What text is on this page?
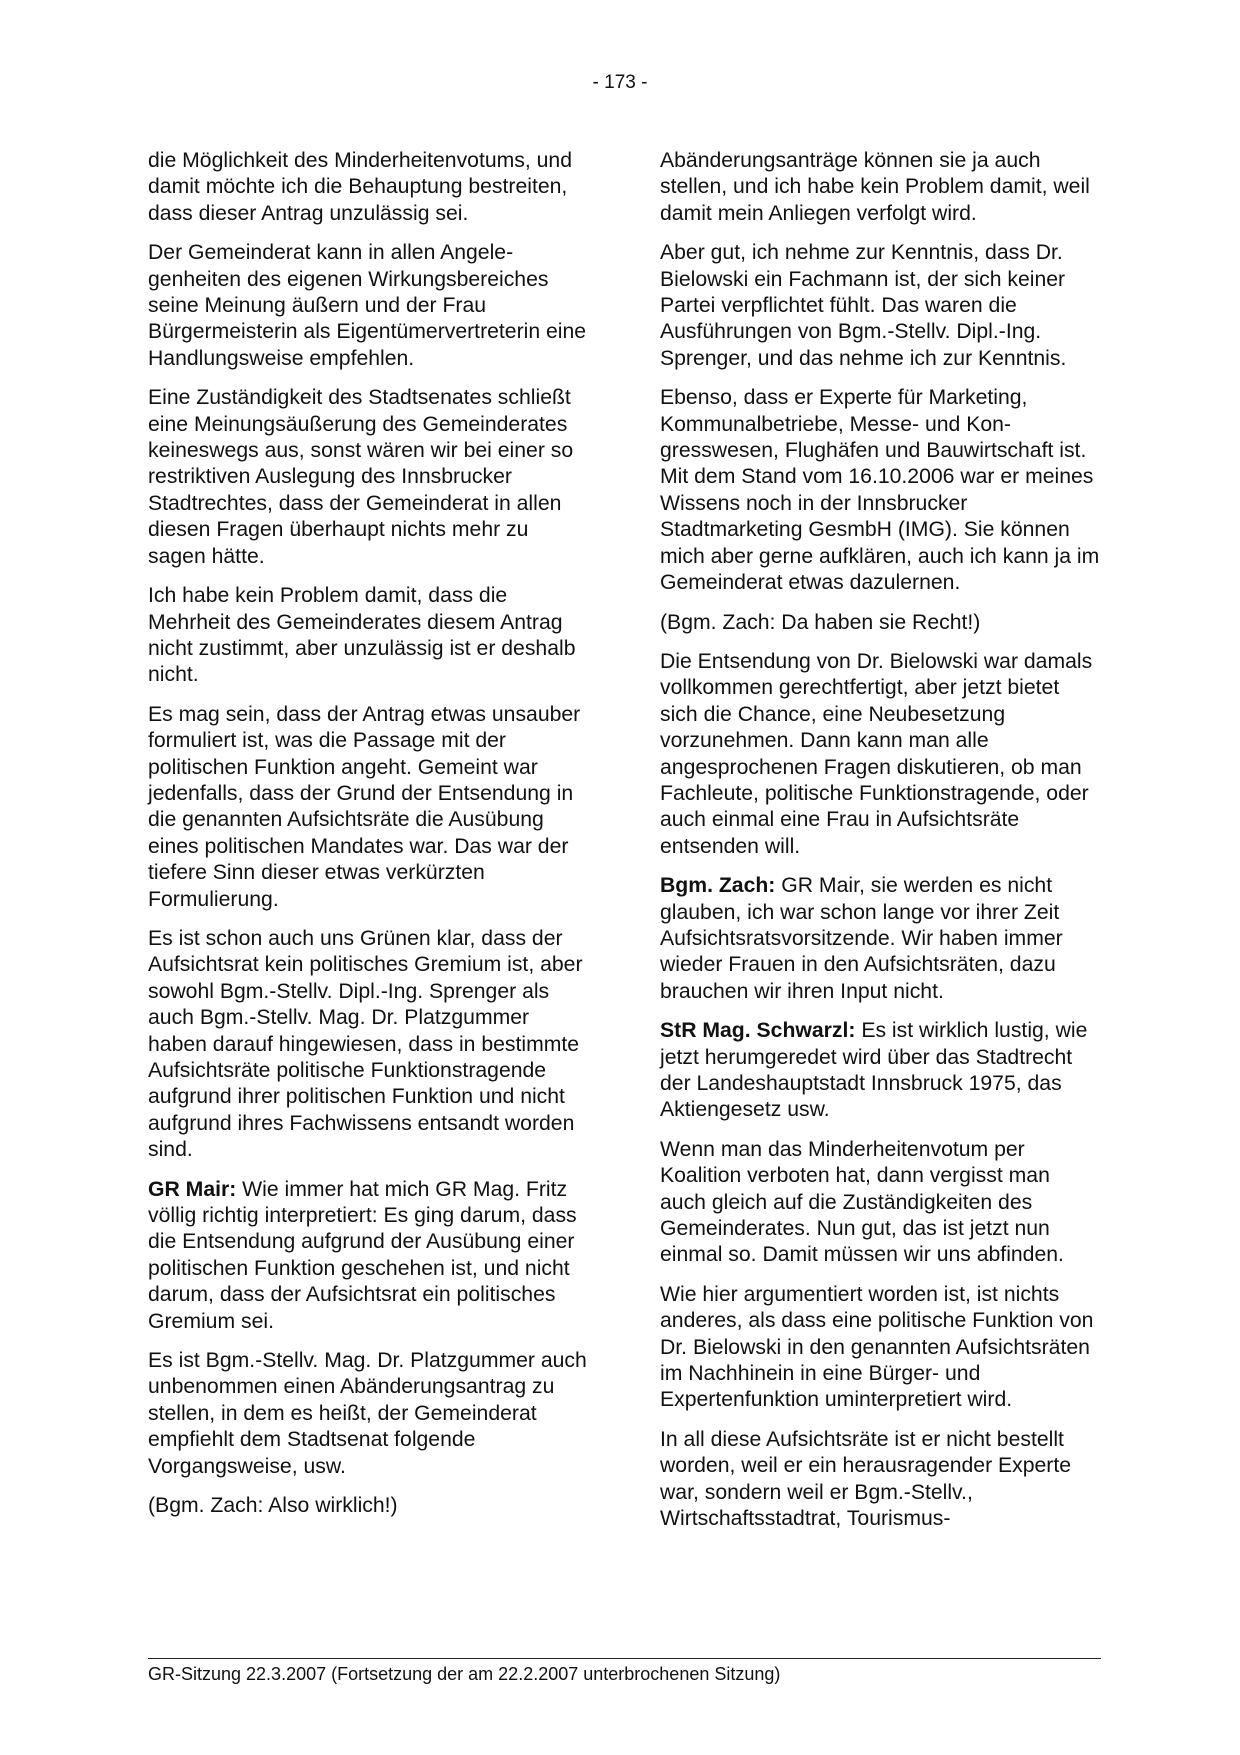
- 173 -

die Möglichkeit des Minderheitenvotums, und damit möchte ich die Behauptung bestreiten, dass dieser Antrag unzulässig sei.

Der Gemeinderat kann in allen Angelegenheiten des eigenen Wirkungsbereiches seine Meinung äußern und der Frau Bürgermeisterin als Eigentümervertreterin eine Handlungsweise empfehlen.

Eine Zuständigkeit des Stadtsenates schließt eine Meinungsäußerung des Gemeinderates keineswegs aus, sonst wären wir bei einer so restriktiven Auslegung des Innsbrucker Stadtrechtes, dass der Gemeinderat in allen diesen Fragen überhaupt nichts mehr zu sagen hätte.

Ich habe kein Problem damit, dass die Mehrheit des Gemeinderates diesem Antrag nicht zustimmt, aber unzulässig ist er deshalb nicht.

Es mag sein, dass der Antrag etwas unsauber formuliert ist, was die Passage mit der politischen Funktion angeht. Gemeint war jedenfalls, dass der Grund der Entsendung in die genannten Aufsichtsräte die Ausübung eines politischen Mandates war. Das war der tiefere Sinn dieser etwas verkürzten Formulierung.

Es ist schon auch uns Grünen klar, dass der Aufsichtsrat kein politisches Gremium ist, aber sowohl Bgm.-Stellv. Dipl.-Ing. Sprenger als auch Bgm.-Stellv. Mag. Dr. Platzgummer haben darauf hingewiesen, dass in bestimmte Aufsichtsräte politische Funktionstragende aufgrund ihrer politischen Funktion und nicht aufgrund ihres Fachwissens entsandt worden sind.

GR Mair: Wie immer hat mich GR Mag. Fritz völlig richtig interpretiert: Es ging darum, dass die Entsendung aufgrund der Ausübung einer politischen Funktion geschehen ist, und nicht darum, dass der Aufsichtsrat ein politisches Gremium sei.

Es ist Bgm.-Stellv. Mag. Dr. Platzgummer auch unbenommen einen Abänderungsantrag zu stellen, in dem es heißt, der Gemeinderat empfiehlt dem Stadtsenat folgende Vorgangsweise, usw.

(Bgm. Zach: Also wirklich!)

Abänderungsanträge können sie ja auch stellen, und ich habe kein Problem damit, weil damit mein Anliegen verfolgt wird.

Aber gut, ich nehme zur Kenntnis, dass Dr. Bielowski ein Fachmann ist, der sich keiner Partei verpflichtet fühlt. Das waren die Ausführungen von Bgm.-Stellv. Dipl.-Ing. Sprenger, und das nehme ich zur Kenntnis.

Ebenso, dass er Experte für Marketing, Kommunalbetriebe, Messe- und Kongresswesen, Flughäfen und Bauwirtschaft ist. Mit dem Stand vom 16.10.2006 war er meines Wissens noch in der Innsbrucker Stadtmarketing GesmbH (IMG). Sie können mich aber gerne aufklären, auch ich kann ja im Gemeinderat etwas dazulernen.

(Bgm. Zach: Da haben sie Recht!)

Die Entsendung von Dr. Bielowski war damals vollkommen gerechtfertigt, aber jetzt bietet sich die Chance, eine Neubesetzung vorzunehmen. Dann kann man alle angesprochenen Fragen diskutieren, ob man Fachleute, politische Funktionstragende, oder auch einmal eine Frau in Aufsichtsräte entsenden will.

Bgm. Zach: GR Mair, sie werden es nicht glauben, ich war schon lange vor ihrer Zeit Aufsichtsratsvorsitzende. Wir haben immer wieder Frauen in den Aufsichtsräten, dazu brauchen wir ihren Input nicht.

StR Mag. Schwarzl: Es ist wirklich lustig, wie jetzt herumgeredet wird über das Stadtrecht der Landeshauptstadt Innsbruck 1975, das Aktiengesetz usw.

Wenn man das Minderheitenvotum per Koalition verboten hat, dann vergisst man auch gleich auf die Zuständigkeiten des Gemeinderates. Nun gut, das ist jetzt nun einmal so. Damit müssen wir uns abfinden.

Wie hier argumentiert worden ist, ist nichts anderes, als dass eine politische Funktion von Dr. Bielowski in den genannten Aufsichtsräten im Nachhinein in eine Bürger- und Expertenfunktion uminterpretiert wird.

In all diese Aufsichtsräte ist er nicht bestellt worden, weil er ein herausragender Experte war, sondern weil er Bgm.-Stellv., Wirtschaftsstadtrat, Tourismus-

GR-Sitzung 22.3.2007 (Fortsetzung der am 22.2.2007 unterbrochenen Sitzung)
